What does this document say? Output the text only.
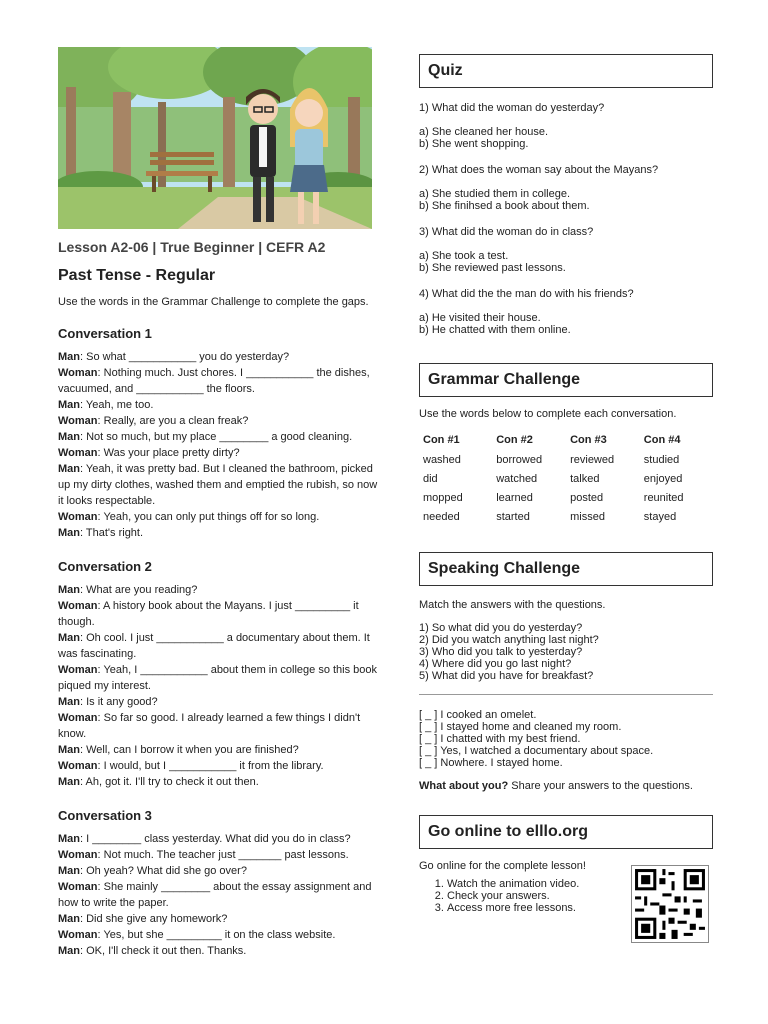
Lesson A2-06 | True Beginner | CEFR A2
Past Tense - Regular
Use the words in the Grammar Challenge to complete the gaps.
Conversation 1
Man: So what ___________ you do yesterday?
Woman: Nothing much. Just chores. I ___________ the dishes, vacuumed, and ___________ the floors.
Man: Yeah, me too.
Woman: Really, are you a clean freak?
Man: Not so much, but my place ________ a good cleaning.
Woman: Was your place pretty dirty?
Man: Yeah, it was pretty bad. But I cleaned the bathroom, picked up my dirty clothes, washed them and emptied the rubish, so now it looks respectable.
Woman: Yeah, you can only put things off for so long.
Man: That's right.
Conversation 2
Man: What are you reading?
Woman: A history book about the Mayans. I just _________ it though.
Man: Oh cool. I just ___________ a documentary about them. It was fascinating.
Woman: Yeah, I ___________ about them in college so this book piqued my interest.
Man: Is it any good?
Woman: So far so good. I already learned a few things I didn't know.
Man: Well, can I borrow it when you are finished?
Woman: I would, but I ___________ it from the library.
Man: Ah, got it. I'll try to check it out then.
Conversation 3
Man: I ________ class yesterday. What did you do in class?
Woman: Not much. The teacher just _______ past lessons.
Man: Oh yeah? What did she go over?
Woman: She mainly ________ about the essay assignment and how to write the paper.
Man: Did she give any homework?
Woman: Yes, but she _________ it on the class website.
Man: OK, I'll check it out then. Thanks.
Quiz
1) What did the woman do yesterday?
a) She cleaned her house.
b) She went shopping.
2) What does the woman say about the Mayans?
a) She studied them in college.
b) She finihsed a book about them.
3) What did the woman do in class?
a) She took a test.
b) She reviewed past lessons.
4) What did the the man do with his friends?
a) He visited their house.
b) He chatted with them online.
Grammar Challenge
Use the words below to complete each conversation.
Con #1	Con #2	Con #3	Con #4
washed	borrowed	reviewed	studied
did	watched	talked	enjoyed
mopped	learned	posted	reunited
needed	started	missed	stayed
Speaking Challenge
Match the answers with the questions.
1) So what did you do yesterday?
2) Did you watch anything last night?
3) Who did you talk to yesterday?
4) Where did you go last night?
5) What did you have for breakfast?
[ _ ] I cooked an omelet.
[ _ ] I stayed home and cleaned my room.
[ _ ] I chatted with my best friend.
[ _ ] Yes, I watched a documentary about space.
[ _ ] Nowhere. I stayed home.
What about you? Share your answers to the questions.
Go online to elllo.org
Go online for the complete lesson!
1. Watch the animation video.
2. Check your answers.
3. Access more free lessons.
